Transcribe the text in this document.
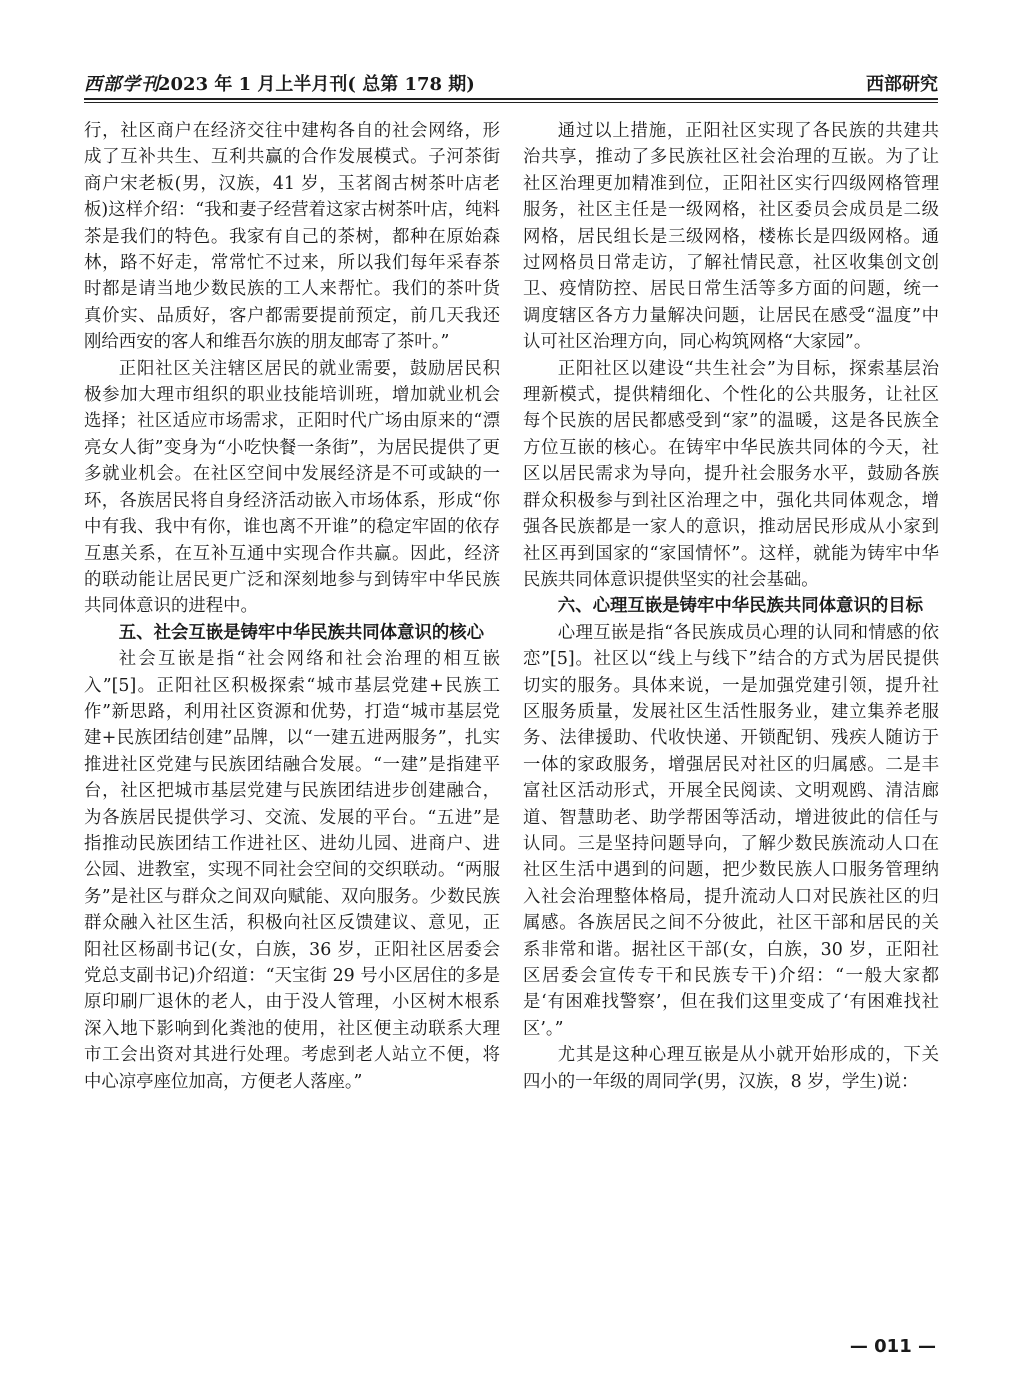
西部学刊
2023 年 1 月上半月刊( 总第 178 期)	西部研究

行，社区商户在经济交往中建构各自的社会网络，形成了互补共生、互利共赢的合作发展模式。子河茶街商户宋老板(男，汉族，41 岁，玉茗阁古树茶叶店老板)这样介绍：“我和妻子经营着这家古树茶叶店，纯料茶是我们的特色。我家有自己的茶树，都种在原始森林，路不好走，常常忙不过来，所以我们每年采春茶时都是请当地少数民族的工人来帮忙。我们的茶叶货真价实、品质好，客户都需要提前预定，前几天我还刚给西安的客人和维吾尔族的朋友邮寄了茶叶。”

正阳社区关注辖区居民的就业需要，鼓励居民积极参加大理市组织的职业技能培训班，增加就业机会选择；社区适应市场需求，正阳时代广场由原来的“漂亮女人街”变身为“小吃快餐一条街”，为居民提供了更多就业机会。在社区空间中发展经济是不可或缺的一环，各族居民将自身经济活动嵌入市场体系，形成“你中有我、我中有你，谁也离不开谁”的稳定牢固的依存互惠关系，在互补互通中实现合作共赢。因此，经济的联动能让居民更广泛和深刻地参与到铸牢中华民族共同体意识的进程中。

五、社会互嵌是铸牢中华民族共同体意识的核心

社会互嵌是指“社会网络和社会治理的相互嵌入”[5]。正阳社区积极探索“城市基层党建+民族工作”新思路，利用社区资源和优势，打造“城市基层党建+民族团结创建”品牌，以“一建五进两服务”，扎实推进社区党建与民族团结融合发展。“一建”是指建平台，社区把城市基层党建与民族团结进步创建融合，为各族居民提供学习、交流、发展的平台。“五进”是指推动民族团结工作进社区、进幼儿园、进商户、进公园、进教室，实现不同社会空间的交织联动。“两服务”是社区与群众之间双向赋能、双向服务。少数民族群众融入社区生活，积极向社区反馈建议、意见，正阳社区杨副书记(女，白族，36 岁，正阳社区居委会党总支副书记)介绍道：“天宝街 29 号小区居住的多是原印刷厂退休的老人，由于没人管理，小区树木根系深入地下影响到化粪池的使用，社区便主动联系大理市工会出资对其进行处理。考虑到老人站立不便，将中心凉亭座位加高，方便老人落座。”

通过以上措施，正阳社区实现了各民族的共建共治共享，推动了多民族社区社会治理的互嵌。为了让社区治理更加精准到位，正阳社区实行四级网格管理服务，社区主任是一级网格，社区委员会成员是二级网格，居民组长是三级网格，楼栋长是四级网格。通过网格员日常走访，了解社情民意，社区收集创文创卫、疫情防控、居民日常生活等多方面的问题，统一调度辖区各方力量解决问题，让居民在感受“温度”中认可社区治理方向，同心构筑网格“大家园”。

正阳社区以建设“共生社会”为目标，探索基层治理新模式，提供精细化、个性化的公共服务，让社区每个民族的居民都感受到“家”的温暖，这是各民族全方位互嵌的核心。在铸牢中华民族共同体的今天，社区以居民需求为导向，提升社会服务水平，鼓励各族群众积极参与到社区治理之中，强化共同体观念，增强各民族都是一家人的意识，推动居民形成从小家到社区再到国家的“家国情怀”。这样，就能为铸牢中华民族共同体意识提供坚实的社会基础。

六、心理互嵌是铸牢中华民族共同体意识的目标

心理互嵌是指“各民族成员心理的认同和情感的依恋”[5]。社区以“线上与线下”结合的方式为居民提供切实的服务。具体来说，一是加强党建引领，提升社区服务质量，发展社区生活性服务业，建立集养老服务、法律援助、代收快递、开锁配钥、残疾人随访于一体的家政服务，增强居民对社区的归属感。二是丰富社区活动形式，开展全民阅读、文明观鸥、清洁廊道、智慧助老、助学帮困等活动，增进彼此的信任与认同。三是坚持问题导向，了解少数民族流动人口在社区生活中遇到的问题，把少数民族人口服务管理纳入社会治理整体格局，提升流动人口对民族社区的归属感。各族居民之间不分彼此，社区干部和居民的关系非常和谐。据社区干部(女，白族，30 岁，正阳社区居委会宣传专干和民族专干)介绍：“一般大家都是‘有困难找警察’，但在我们这里变成了‘有困难找社区’。”

尤其是这种心理互嵌是从小就开始形成的，下关四小的一年级的周同学(男，汉族，8 岁，学生)说：

— 011 —
